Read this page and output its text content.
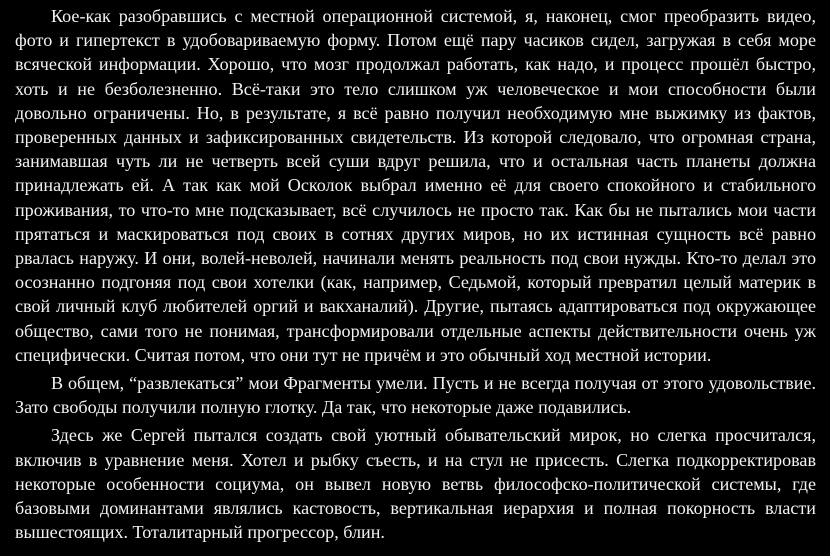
Кое-как разобравшись с местной операционной системой, я, наконец, смог преобразить видео, фото и гипертекст в удобовариваемую форму. Потом ещё пару часиков сидел, загружая в себя море всяческой информации. Хорошо, что мозг продолжал работать, как надо, и процесс прошёл быстро, хоть и не безболезненно. Всё-таки это тело слишком уж человеческое и мои способности были довольно ограничены. Но, в результате, я всё равно получил необходимую мне выжимку из фактов, проверенных данных и зафиксированных свидетельств. Из которой следовало, что огромная страна, занимавшая чуть ли не четверть всей суши вдруг решила, что и остальная часть планеты должна принадлежать ей. А так как мой Осколок выбрал именно её для своего спокойного и стабильного проживания, то что-то мне подсказывает, всё случилось не просто так. Как бы не пытались мои части прятаться и маскироваться под своих в сотнях других миров, но их истинная сущность всё равно рвалась наружу. И они, волей-неволей, начинали менять реальность под свои нужды. Кто-то делал это осознанно подгоняя под свои хотелки (как, например, Седьмой, который превратил целый материк в свой личный клуб любителей оргий и вакханалий). Другие, пытаясь адаптироваться под окружающее общество, сами того не понимая, трансформировали отдельные аспекты действительности очень уж специфически. Считая потом, что они тут не причём и это обычный ход местной истории.

В общем, “развлекаться” мои Фрагменты умели. Пусть и не всегда получая от этого удовольствие. Зато свободы получили полную глотку. Да так, что некоторые даже подавились.

Здесь же Сергей пытался создать свой уютный обывательский мирок, но слегка просчитался, включив в уравнение меня. Хотел и рыбку съесть, и на стул не присесть. Слегка подкорректировав некоторые особенности социума, он вывел новую ветвь философско-политической системы, где базовыми доминантами являлись кастовость, вертикальная иерархия и полная покорность власти вышестоящих. Тоталитарный прогрессор, блин.
